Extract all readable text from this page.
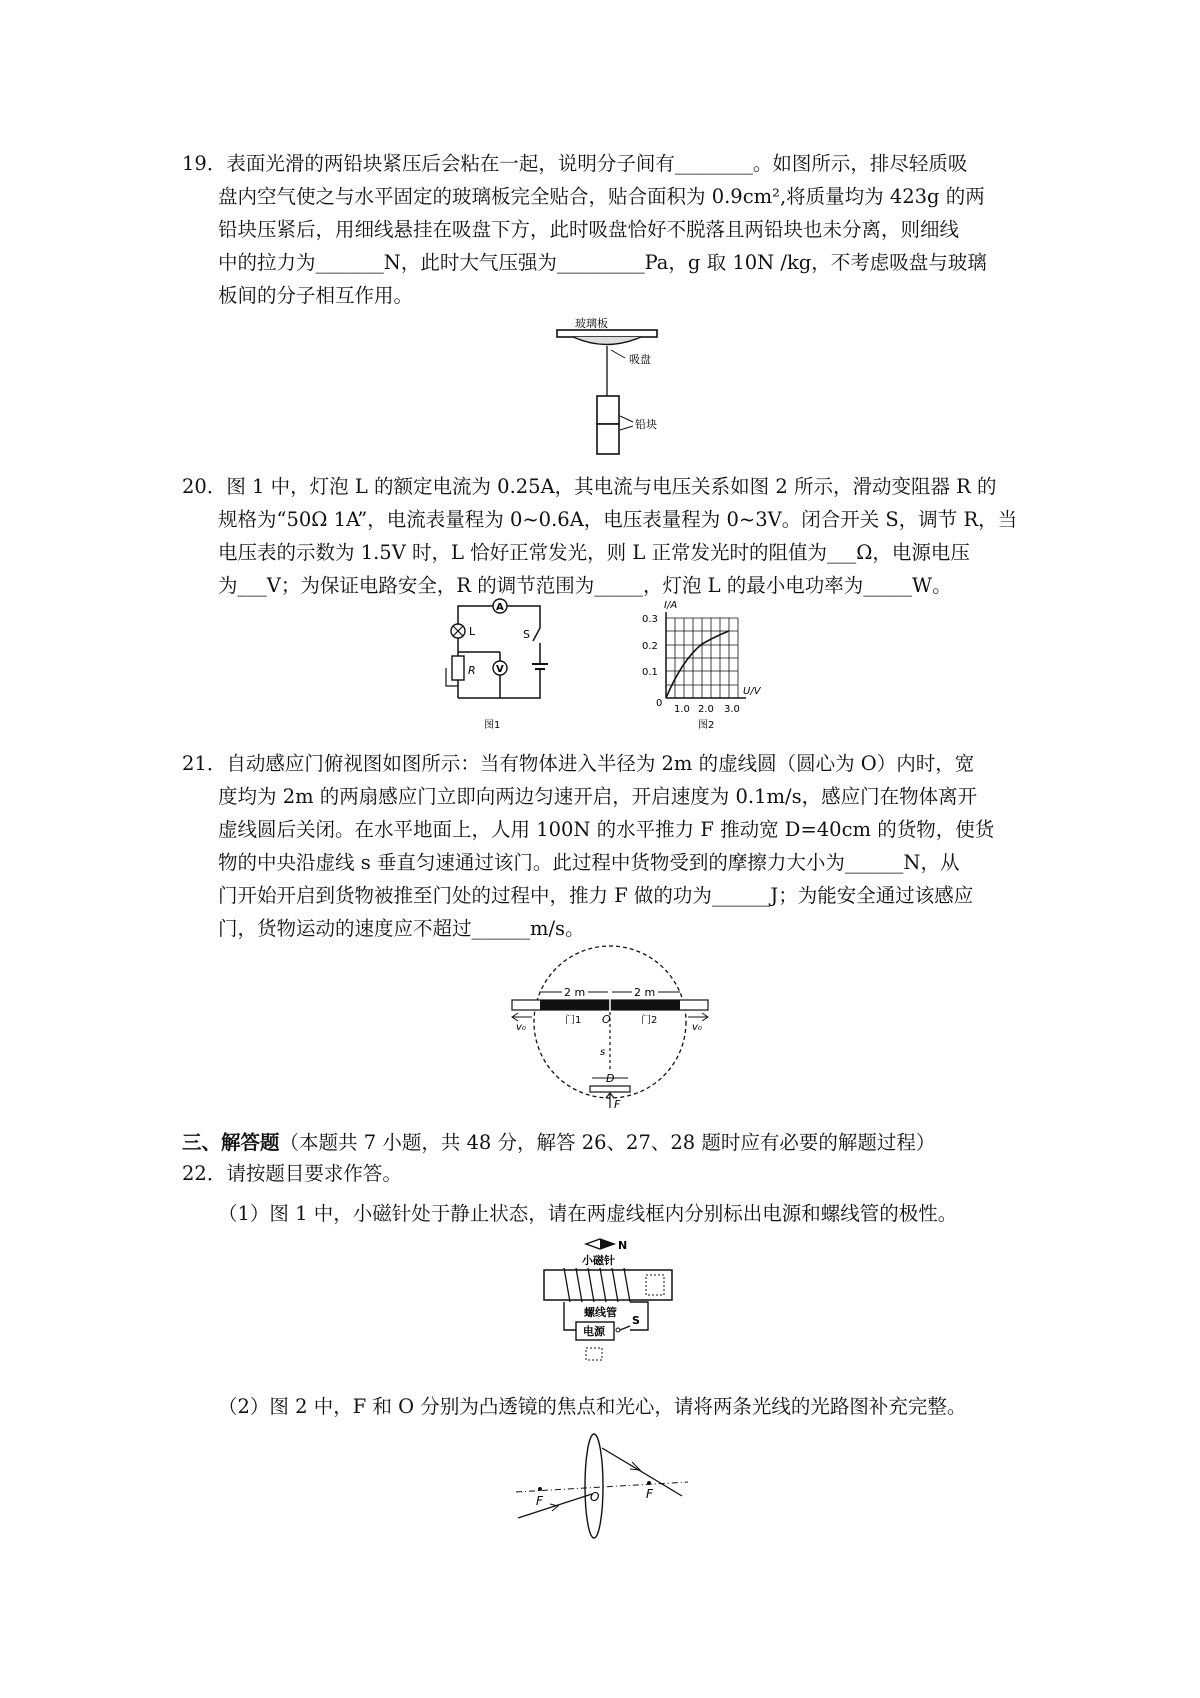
19．表面光滑的两铅块紧压后会粘在一起，说明分子间有________。如图所示，排尽轻质吸
盘内空气使之与水平固定的玻璃板完全贴合，贴合面积为 0.9cm²,将质量均为 423g 的两
铅块压紧后，用细线悬挂在吸盘下方，此时吸盘恰好不脱落且两铅块也未分离，则细线
中的拉力为_______N，此时大气压强为_________Pa，g 取 10N /kg，不考虑吸盘与玻璃
板间的分子相互作用。
玻璃板
吸盘
铅块
20．图 1 中，灯泡 L 的额定电流为 0.25A，其电流与电压关系如图 2 所示，滑动变阻器 R 的
规格为“50Ω 1A”，电流表量程为 0~0.6A，电压表量程为 0~3V。闭合开关 S，调节 R，当
电压表的示数为 1.5V 时，L 恰好正常发光，则 L 正常发光时的阻值为___Ω，电源电压
为___V；为保证电路安全，R 的调节范围为_____，灯泡 L 的最小电功率为_____W。
A
L
R V
S
图1
I/A
0.3
0.2
0.1
0
1.0 2.0 3.0
U/V
图2
21．自动感应门俯视图如图所示：当有物体进入半径为 2m 的虚线圆（圆心为 O）内时，宽
度均为 2m 的两扇感应门立即向两边匀速开启，开启速度为 0.1m/s，感应门在物体离开
虚线圆后关闭。在水平地面上，人用 100N 的水平推力 F 推动宽 D=40cm 的货物，使货
物的中央沿虚线 s 垂直匀速通过该门。此过程中货物受到的摩擦力大小为______N，从
门开始开启到货物被推至门处的过程中，推力 F 做的功为______J；为能安全通过该感应
门，货物运动的速度应不超过______m/s。
2 m	2 m
v₀	v₀
门1	门2
O
s
D
F
三、解答题（本题共 7 小题，共 48 分，解答 26、27、28 题时应有必要的解题过程）
22．请按题目要求作答。
（1）图 1 中，小磁针处于静止状态，请在两虚线框内分别标出电源和螺线管的极性。
N
小磁针
螺线管
S
电源
（2）图 2 中，F 和 O 分别为凸透镜的焦点和光心，请将两条光线的光路图补充完整。
F	O	F
